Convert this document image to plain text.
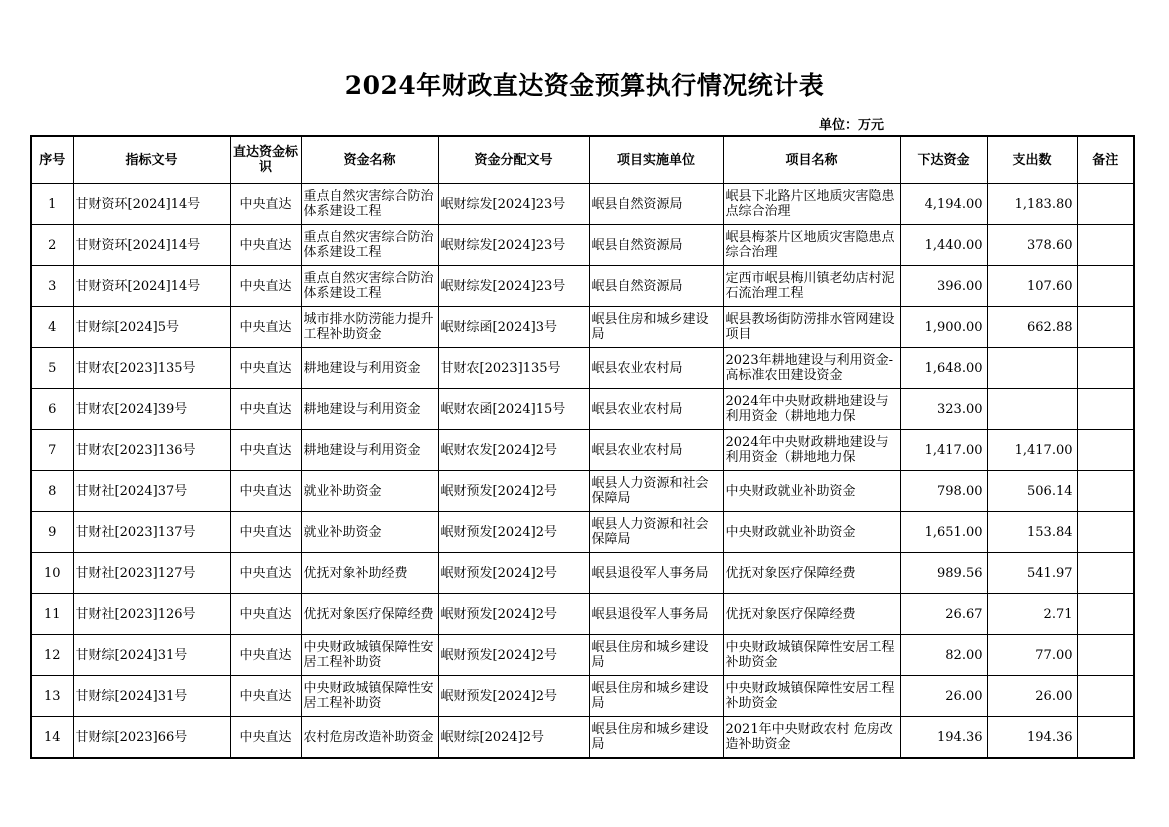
2024年财政直达资金预算执行情况统计表
单位：万元
序号	指标文号	直达资金标识	资金名称	资金分配文号	项目实施单位	项目名称	下达资金	支出数	备注

1	甘财资环[2024]14号	中央直达	重点自然灾害综合防治体系建设工程	岷财综发[2024]23号	岷县自然资源局	岷县下北路片区地质灾害隐患点综合治理	4,194.00	1,183.80	

2	甘财资环[2024]14号	中央直达	重点自然灾害综合防治体系建设工程	岷财综发[2024]23号	岷县自然资源局	岷县梅茶片区地质灾害隐患点综合治理	1,440.00	378.60	

3	甘财资环[2024]14号	中央直达	重点自然灾害综合防治体系建设工程	岷财综发[2024]23号	岷县自然资源局	定西市岷县梅川镇老幼店村泥石流治理工程	396.00	107.60	

4	甘财综[2024]5号	中央直达	城市排水防涝能力提升工程补助资金	岷财综函[2024]3号	岷县住房和城乡建设局	岷县教场街防涝排水管网建设项目	1,900.00	662.88	

5	甘财农[2023]135号	中央直达	耕地建设与利用资金	甘财农[2023]135号	岷县农业农村局	2023年耕地建设与利用资金-高标准农田建设资金	1,648.00		

6	甘财农[2024]39号	中央直达	耕地建设与利用资金	岷财农函[2024]15号	岷县农业农村局	2024年中央财政耕地建设与利用资金（耕地地力保	323.00		

7	甘财农[2023]136号	中央直达	耕地建设与利用资金	岷财农发[2024]2号	岷县农业农村局	2024年中央财政耕地建设与利用资金（耕地地力保	1,417.00	1,417.00	

8	甘财社[2024]37号	中央直达	就业补助资金	岷财预发[2024]2号	岷县人力资源和社会保障局	中央财政就业补助资金	798.00	506.14	

9	甘财社[2023]137号	中央直达	就业补助资金	岷财预发[2024]2号	岷县人力资源和社会保障局	中央财政就业补助资金	1,651.00	153.84	

10	甘财社[2023]127号	中央直达	优抚对象补助经费	岷财预发[2024]2号	岷县退役军人事务局	优抚对象医疗保障经费	989.56	541.97	

11	甘财社[2023]126号	中央直达	优抚对象医疗保障经费	岷财预发[2024]2号	岷县退役军人事务局	优抚对象医疗保障经费	26.67	2.71	

12	甘财综[2024]31号	中央直达	中央财政城镇保障性安居工程补助资	岷财预发[2024]2号	岷县住房和城乡建设局	中央财政城镇保障性安居工程补助资金	82.00	77.00	

13	甘财综[2024]31号	中央直达	中央财政城镇保障性安居工程补助资	岷财预发[2024]2号	岷县住房和城乡建设局	中央财政城镇保障性安居工程补助资金	26.00	26.00	

14	甘财综[2023]66号	中央直达	农村危房改造补助资金	岷财综[2024]2号	岷县住房和城乡建设局	2021年中央财政农村 危房改造补助资金	194.36	194.36	
